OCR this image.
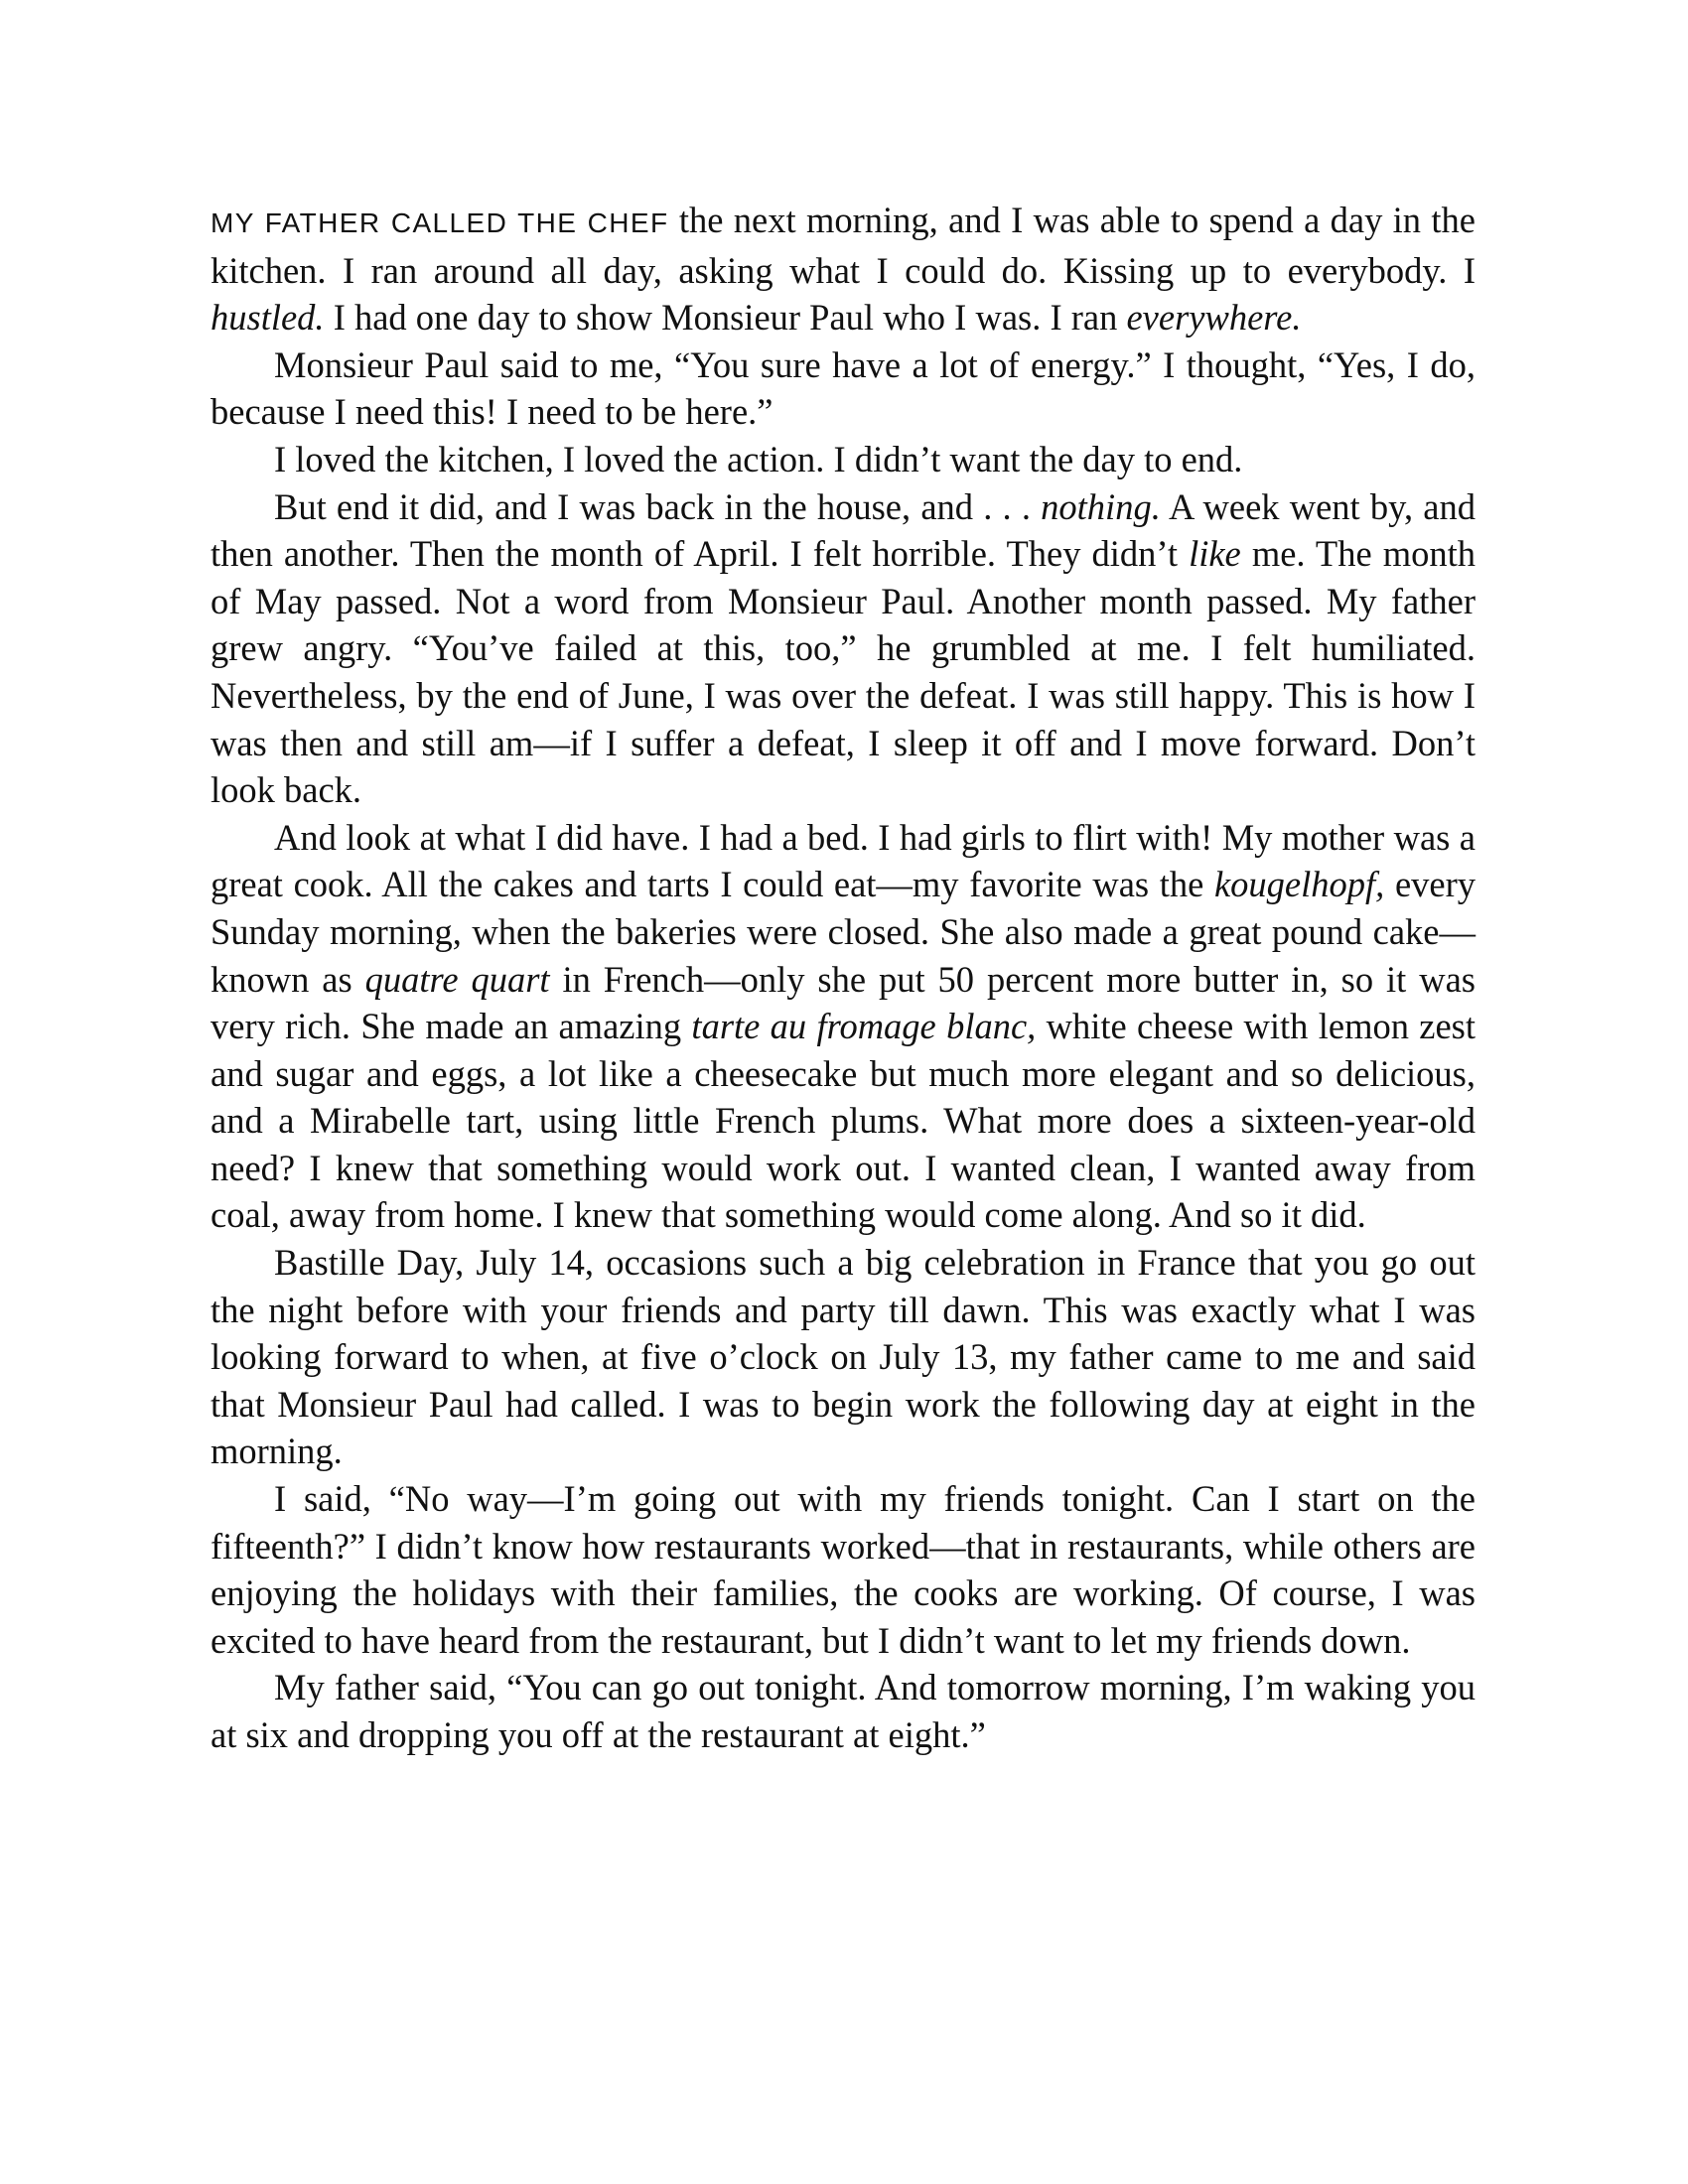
MY FATHER CALLED THE CHEF the next morning, and I was able to spend a day in the kitchen. I ran around all day, asking what I could do. Kissing up to everybody. I hustled. I had one day to show Monsieur Paul who I was. I ran everywhere.

Monsieur Paul said to me, “You sure have a lot of energy.” I thought, “Yes, I do, because I need this! I need to be here.”

I loved the kitchen, I loved the action. I didn’t want the day to end.

But end it did, and I was back in the house, and . . . nothing. A week went by, and then another. Then the month of April. I felt horrible. They didn’t like me. The month of May passed. Not a word from Monsieur Paul. Another month passed. My father grew angry. “You’ve failed at this, too,” he grumbled at me. I felt humiliated. Nevertheless, by the end of June, I was over the defeat. I was still happy. This is how I was then and still am—if I suffer a defeat, I sleep it off and I move forward. Don’t look back.

And look at what I did have. I had a bed. I had girls to flirt with! My mother was a great cook. All the cakes and tarts I could eat—my favorite was the kougelhopf, every Sunday morning, when the bakeries were closed. She also made a great pound cake—known as quatre quart in French—only she put 50 percent more butter in, so it was very rich. She made an amazing tarte au fromage blanc, white cheese with lemon zest and sugar and eggs, a lot like a cheesecake but much more elegant and so delicious, and a Mirabelle tart, using little French plums. What more does a sixteen-year-old need? I knew that something would work out. I wanted clean, I wanted away from coal, away from home. I knew that something would come along. And so it did.

Bastille Day, July 14, occasions such a big celebration in France that you go out the night before with your friends and party till dawn. This was exactly what I was looking forward to when, at five o’clock on July 13, my father came to me and said that Monsieur Paul had called. I was to begin work the following day at eight in the morning.

I said, “No way—I’m going out with my friends tonight. Can I start on the fifteenth?” I didn’t know how restaurants worked—that in restaurants, while others are enjoying the holidays with their families, the cooks are working. Of course, I was excited to have heard from the restaurant, but I didn’t want to let my friends down.

My father said, “You can go out tonight. And tomorrow morning, I’m waking you at six and dropping you off at the restaurant at eight.”
